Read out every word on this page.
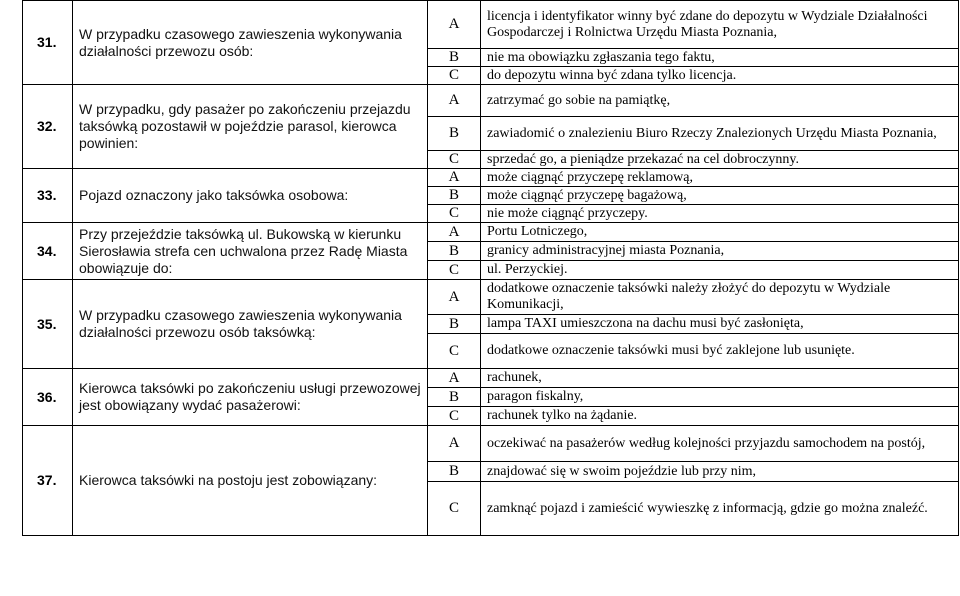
31.	W przypadku czasowego zawieszenia wykonywania działalności przewozu osób:	A	licencja i identyfikator winny być zdane do depozytu w Wydziale Działalności Gospodarczej i Rolnictwa Urzędu Miasta Poznania,
		B	nie ma obowiązku zgłaszania tego faktu,
		C	do depozytu winna być zdana tylko licencja.
32.	W przypadku, gdy pasażer po zakończeniu przejazdu taksówką pozostawił w pojeździe parasol, kierowca powinien:	A	zatrzymać go sobie na pamiątkę,
		B	zawiadomić o znalezieniu Biuro Rzeczy Znalezionych Urzędu Miasta Poznania,
		C	sprzedać go, a pieniądze przekazać na cel dobroczynny.
33.	Pojazd oznaczony jako taksówka osobowa:	A	może ciągnąć przyczepę reklamową,
		B	może ciągnąć przyczepę bagażową,
		C	nie może ciągnąć przyczepy.
34.	Przy przejeździe taksówką ul. Bukowską w kierunku Sierosławia strefa cen uchwalona przez Radę Miasta obowiązuje do:	A	Portu Lotniczego,
		B	granicy administracyjnej miasta Poznania,
		C	ul. Perzyckiej.
35.	W przypadku czasowego zawieszenia wykonywania działalności przewozu osób taksówką:	A	dodatkowe oznaczenie taksówki należy złożyć do depozytu w Wydziale Komunikacji,
		B	lampa TAXI umieszczona na dachu musi być zasłonięta,
		C	dodatkowe oznaczenie taksówki musi być zaklejone lub usunięte.
36.	Kierowca taksówki po zakończeniu usługi przewozowej jest obowiązany wydać pasażerowi:	A	rachunek,
		B	paragon fiskalny,
		C	rachunek tylko na żądanie.
37.	Kierowca taksówki na postoju jest zobowiązany:	A	oczekiwać na pasażerów według kolejności przyjazdu samochodem na postój,
		B	znajdować się w swoim pojeździe lub przy nim,
		C	zamknąć pojazd i zamieścić wywieszkę z informacją, gdzie go można znaleźć.
